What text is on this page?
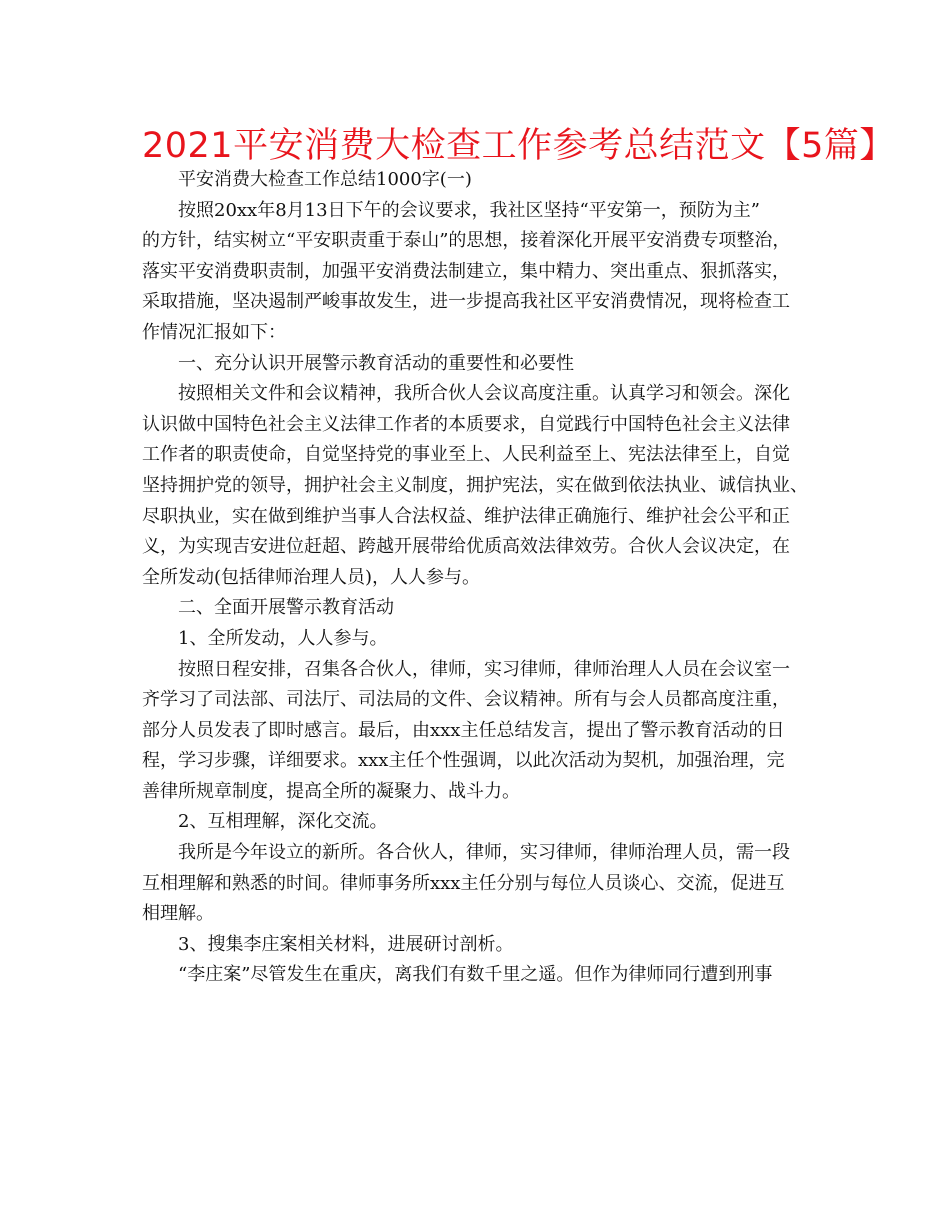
2021平安消费大检查工作参考总结范文【5篇】
平安消费大检查工作总结1000字(一)
按照20xx年8月13日下午的会议要求，我社区坚持“平安第一，预防为主”
的方针，结实树立“平安职责重于泰山”的思想，接着深化开展平安消费专项整治，
落实平安消费职责制，加强平安消费法制建立，集中精力、突出重点、狠抓落实，
采取措施，坚决遏制严峻事故发生，进一步提高我社区平安消费情况，现将检查工
作情况汇报如下：
一、充分认识开展警示教育活动的重要性和必要性
按照相关文件和会议精神，我所合伙人会议高度注重。认真学习和领会。深化
认识做中国特色社会主义法律工作者的本质要求，自觉践行中国特色社会主义法律
工作者的职责使命，自觉坚持党的事业至上、人民利益至上、宪法法律至上，自觉
坚持拥护党的领导，拥护社会主义制度，拥护宪法，实在做到依法执业、诚信执业、
尽职执业，实在做到维护当事人合法权益、维护法律正确施行、维护社会公平和正
义，为实现吉安进位赶超、跨越开展带给优质高效法律效劳。合伙人会议决定，在
全所发动(包括律师治理人员)，人人参与。
二、全面开展警示教育活动
1、全所发动，人人参与。
按照日程安排，召集各合伙人，律师，实习律师，律师治理人人员在会议室一
齐学习了司法部、司法厅、司法局的文件、会议精神。所有与会人员都高度注重，
部分人员发表了即时感言。最后，由xxx主任总结发言，提出了警示教育活动的日
程，学习步骤，详细要求。xxx主任个性强调，以此次活动为契机，加强治理，完
善律所规章制度，提高全所的凝聚力、战斗力。
2、互相理解，深化交流。
我所是今年设立的新所。各合伙人，律师，实习律师，律师治理人员，需一段
互相理解和熟悉的时间。律师事务所xxx主任分别与每位人员谈心、交流，促进互
相理解。
3、搜集李庄案相关材料，进展研讨剖析。
“李庄案”尽管发生在重庆，离我们有数千里之遥。但作为律师同行遭到刑事
